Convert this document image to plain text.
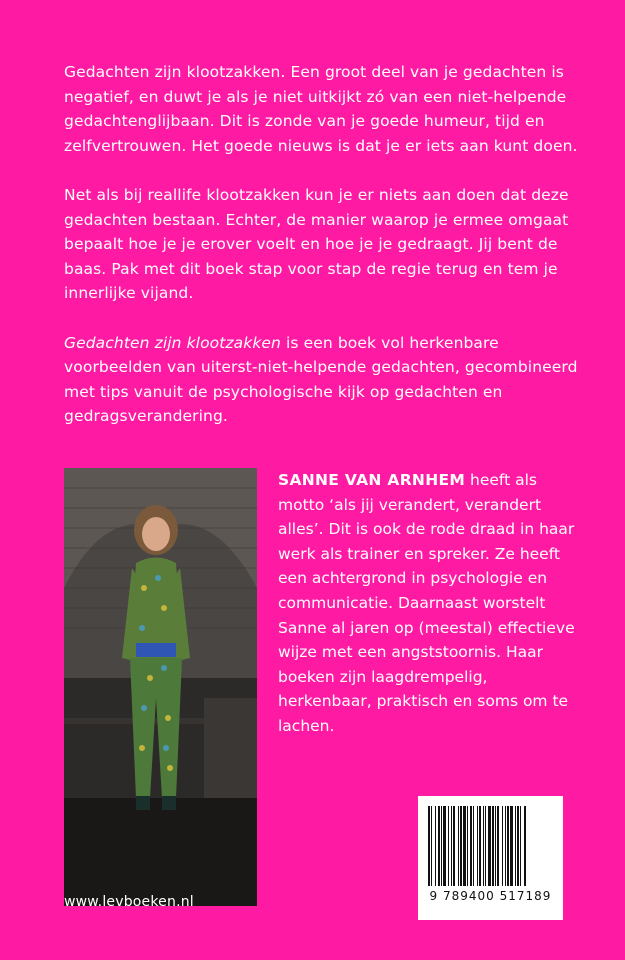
Gedachten zijn klootzakken. Een groot deel van je gedachten is negatief, en duwt je als je niet uitkijkt zó van een niet-helpende gedachtenglijbaan. Dit is zonde van je goede humeur, tijd en zelfvertrouwen. Het goede nieuws is dat je er iets aan kunt doen.

Net als bij reallife klootzakken kun je er niets aan doen dat deze gedachten bestaan. Echter, de manier waarop je ermee omgaat bepaalt hoe je je erover voelt en hoe je je gedraagt. Jij bent de baas. Pak met dit boek stap voor stap de regie terug en tem je innerlijke vijand.

Gedachten zijn klootzakken is een boek vol herkenbare voorbeelden van uiterst-niet-helpende gedachten, gecombineerd met tips vanuit de psychologische kijk op gedachten en gedragsverandering.

SANNE VAN ARNHEM heeft als motto ‘als jij verandert, verandert alles’. Dit is ook de rode draad in haar werk als trainer en spreker. Ze heeft een achtergrond in psychologie en communicatie. Daarnaast worstelt Sanne al jaren op (meestal) effectieve wijze met een angststoornis. Haar boeken zijn laagdrempelig, herkenbaar, praktisch en soms om te lachen.
9 789400 517189
www.levboeken.nl
